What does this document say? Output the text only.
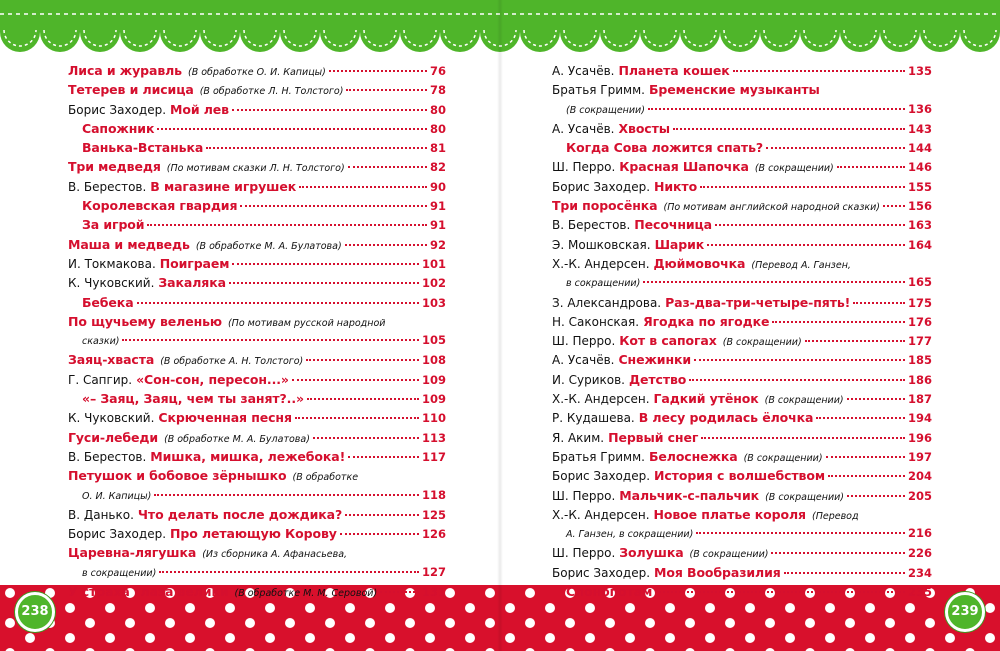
238	239
Лиса и журавль (В обработке О. И. Капицы)	76
Тетерев и лисица (В обработке Л. Н. Толстого)	78
Борис Заходер. Мой лев	80
Сапожник	80
Ванька-Встанька	81
Три медведя (По мотивам сказки Л. Н. Толстого)	82
В. Берестов. В магазине игрушек	90
Королевская гвардия	91
За игрой	91
Маша и медведь (В обработке М. А. Булатова)	92
И. Токмакова. Поиграем	101
К. Чуковский. Закаляка	102
Бебека	103
По щучьему веленью (По мотивам русской народной
сказки)	105
Заяц-хваста (В обработке А. Н. Толстого)	108
Г. Сапгир. «Сон-сон, пересон...»	109
«– Заяц, Заяц, чем ты занят?..»	109
К. Чуковский. Скрюченная песня	110
Гуси-лебеди (В обработке М. А. Булатова)	113
В. Берестов. Мишка, мишка, лежебока!	117
Петушок и бобовое зёрнышко (В обработке
О. И. Капицы)	118
В. Данько. Что делать после дождика?	125
Борис Заходер. Про летающую Корову	126
Царевна-лягушка (Из сборника А. Афанасьева,
в сокращении)	127
У страха глаза велики (В обработке М. М. Серовой)	131
А. Усачёв. Планета кошек	135
Братья Гримм. Бременские музыканты
(В сокращении)	136
А. Усачёв. Хвосты	143
Когда Сова ложится спать?	144
Ш. Перро. Красная Шапочка (В сокращении)	146
Борис Заходер. Никто	155
Три поросёнка (По мотивам английской народной сказки) 156
В. Берестов. Песочница	163
Э. Мошковская. Шарик	164
Х.-К. Андерсен. Дюймовочка (Перевод А. Ганзен,
в сокращении)	165
З. Александрова. Раз-два-три-четыре-пять!	175
Н. Саконская. Ягодка по ягодке	176
Ш. Перро. Кот в сапогах (В сокращении)	177
А. Усачёв. Снежинки	185
И. Суриков. Детство	186
Х.-К. Андерсен. Гадкий утёнок (В сокращении)	187
Р. Кудашева. В лесу родилась ёлочка	194
Я. Аким. Первый снег	196
Братья Гримм. Белоснежка (В сокращении)	197
Борис Заходер. История с волшебством	204
Ш. Перро. Мальчик-с-пальчик (В сокращении)	205
Х.-К. Андерсен. Новое платье короля (Перевод
А. Ганзен, в сокращении)	216
Ш. Перро. Золушка (В сокращении)	226
Борис Заходер. Моя Вообразилия	234
Слонопотам	235
